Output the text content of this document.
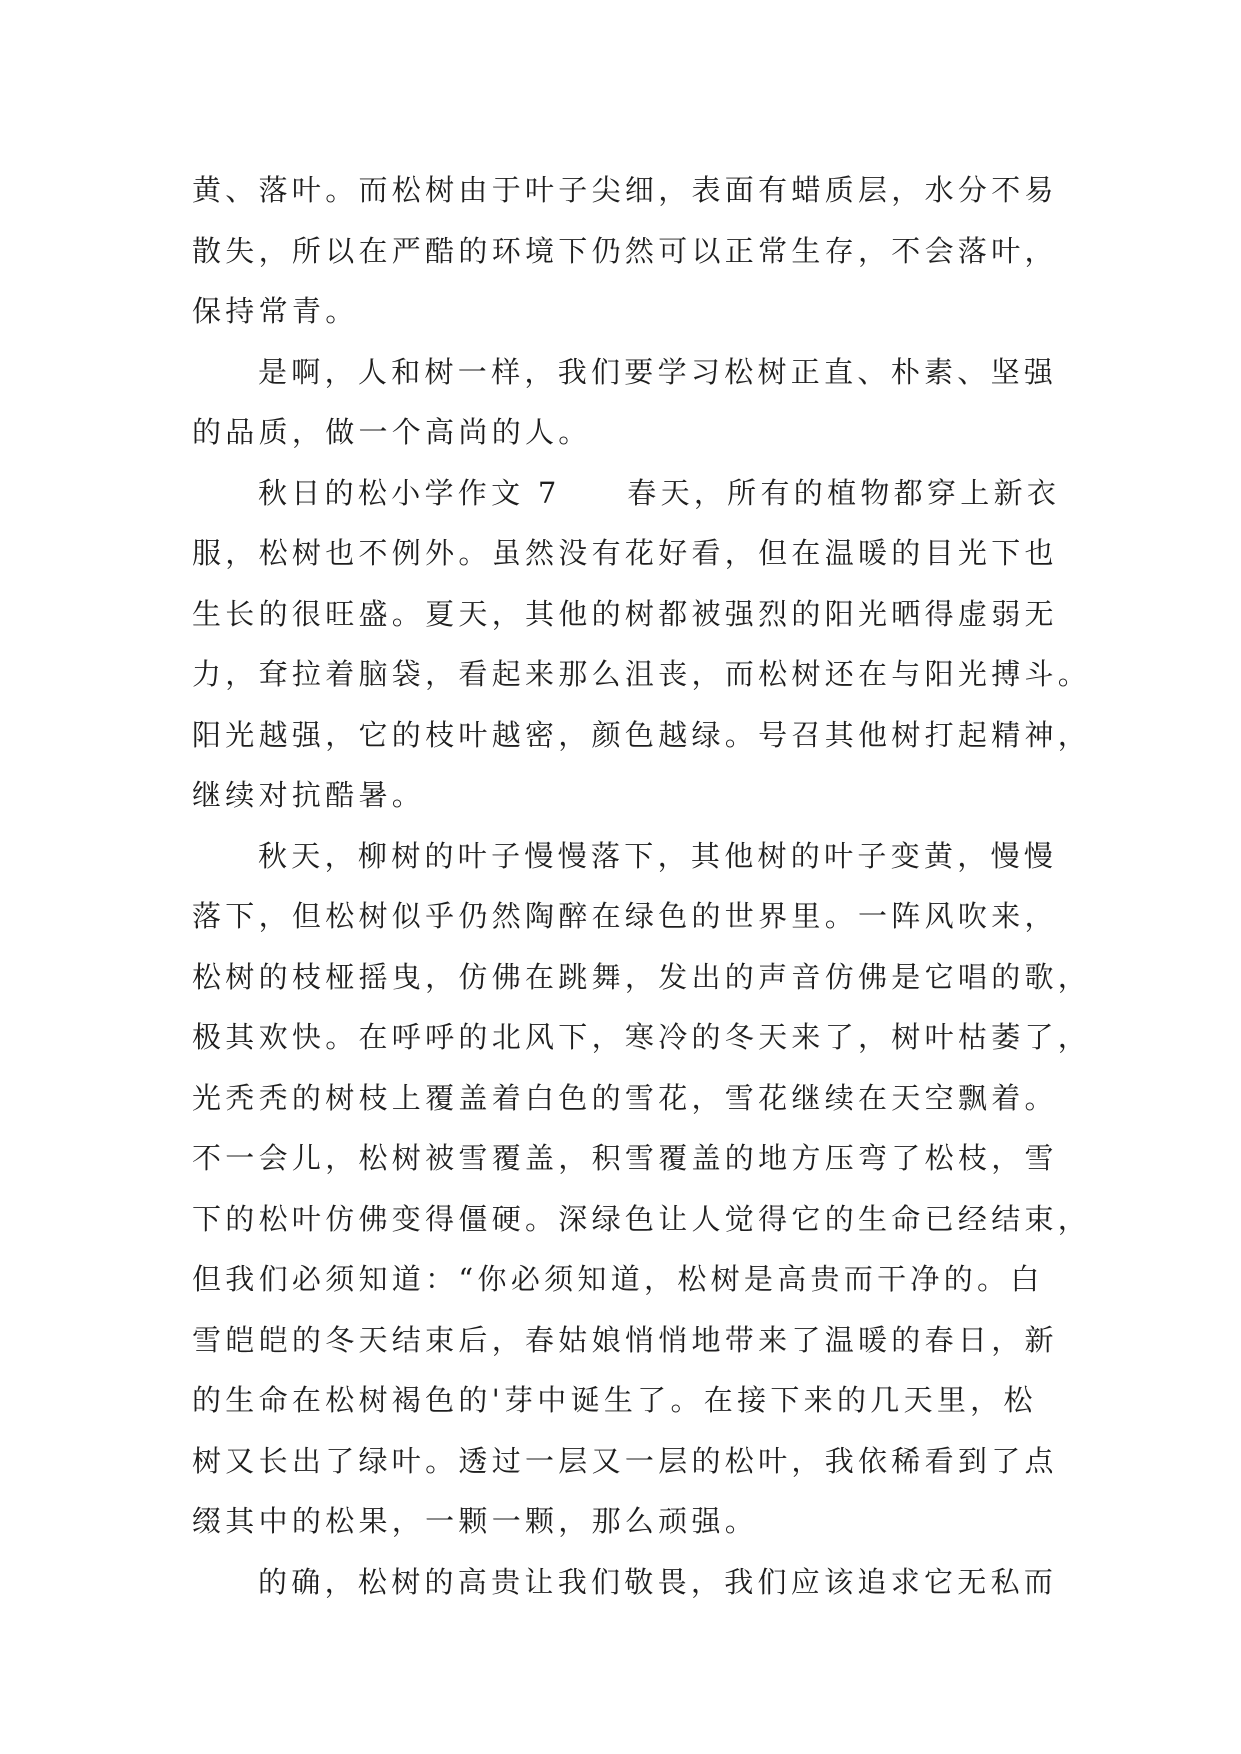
黄、落叶。而松树由于叶子尖细，表面有蜡质层，水分不易
散失，所以在严酷的环境下仍然可以正常生存，不会落叶，
保持常青。
是啊，人和树一样，我们要学习松树正直、朴素、坚强
的品质，做一个高尚的人。
秋日的松小学作文 7　　春天，所有的植物都穿上新衣
服，松树也不例外。虽然没有花好看，但在温暖的目光下也
生长的很旺盛。夏天，其他的树都被强烈的阳光晒得虚弱无
力，耷拉着脑袋，看起来那么沮丧，而松树还在与阳光搏斗。
阳光越强，它的枝叶越密，颜色越绿。号召其他树打起精神，
继续对抗酷暑。
秋天，柳树的叶子慢慢落下，其他树的叶子变黄，慢慢
落下，但松树似乎仍然陶醉在绿色的世界里。一阵风吹来，
松树的枝桠摇曳，仿佛在跳舞，发出的声音仿佛是它唱的歌，
极其欢快。在呼呼的北风下，寒冷的冬天来了，树叶枯萎了，
光秃秃的树枝上覆盖着白色的雪花，雪花继续在天空飘着。
不一会儿，松树被雪覆盖，积雪覆盖的地方压弯了松枝，雪
下的松叶仿佛变得僵硬。深绿色让人觉得它的生命已经结束，
但我们必须知道：“你必须知道，松树是高贵而干净的。白
雪皑皑的冬天结束后，春姑娘悄悄地带来了温暖的春日，新
的生命在松树褐色的'芽中诞生了。在接下来的几天里，松
树又长出了绿叶。透过一层又一层的松叶，我依稀看到了点
缀其中的松果，一颗一颗，那么顽强。
的确，松树的高贵让我们敬畏，我们应该追求它无私而
